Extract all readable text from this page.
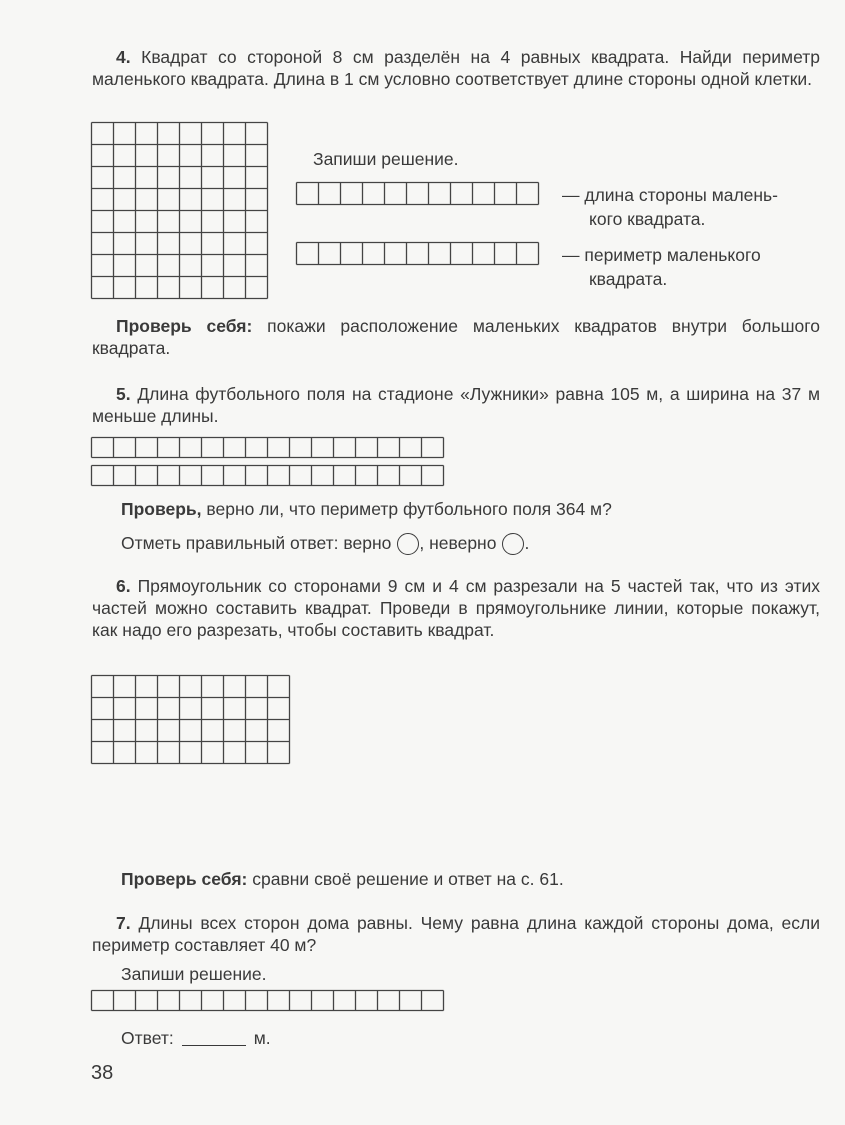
4. Квадрат со стороной 8 см разделён на 4 равных квадрата. Найди периметр маленького квадрата. Длина в 1 см условно соответствует длине стороны одной клетки.

Запиши решение.
— длина стороны малень-
кого квадрата.
— периметр маленького
квадрата.

Проверь себя: покажи расположение маленьких квадратов внутри большого квадрата.

5. Длина футбольного поля на стадионе «Лужники» равна 105 м, а ширина на 37 м меньше длины.

Проверь, верно ли, что периметр футбольного поля 364 м?
Отметь правильный ответ: верно , неверно .

6. Прямоугольник со сторонами 9 см и 4 см разрезали на 5 частей так, что из этих частей можно составить квадрат. Проведи в прямоугольнике линии, которые покажут, как надо его разрезать, чтобы составить квадрат.

Проверь себя: сравни своё решение и ответ на с. 61.

7. Длины всех сторон дома равны. Чему равна длина каждой стороны дома, если периметр составляет 40 м?

Запиши решение.
Ответ:	м.
38
